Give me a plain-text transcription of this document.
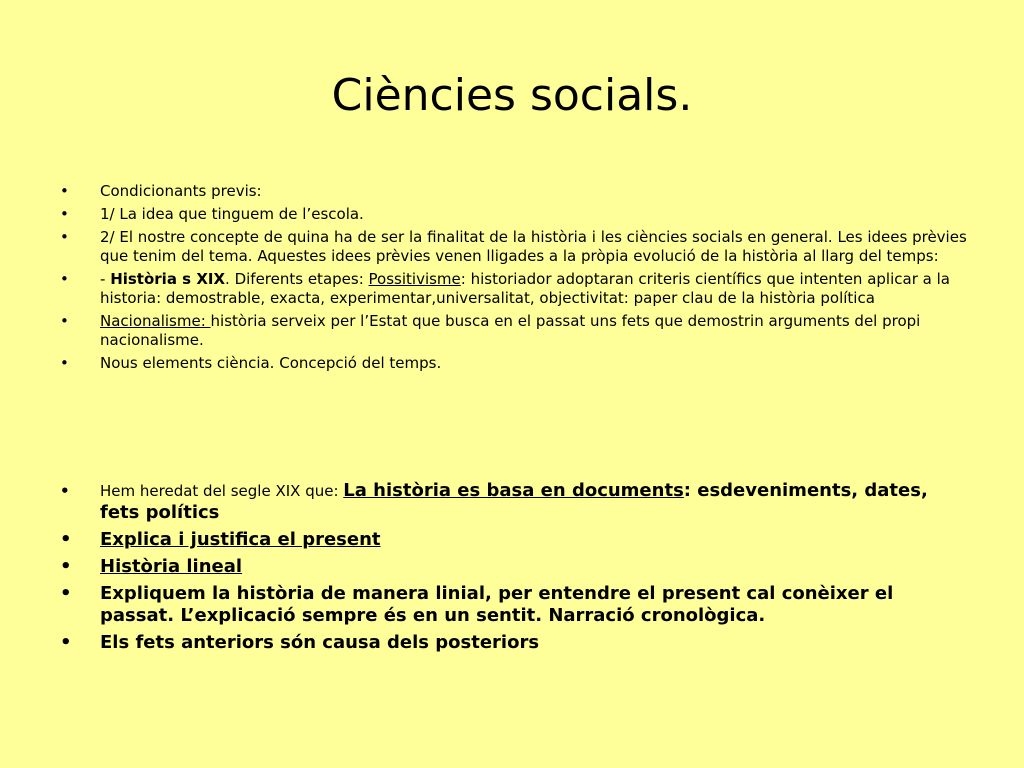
Ciències socials.
• Condicionants previs:
• 1/ La idea que tinguem de l’escola.
• 2/ El nostre concepte de quina ha de ser la finalitat de la història i les ciències socials en general. Les idees prèvies que tenim del tema. Aquestes idees prèvies venen lligades a la pròpia evolució de la història al llarg del temps:
• - Història s XIX. Diferents etapes: Possitivisme: historiador adoptaran criteris científics que intenten aplicar a la historia: demostrable, exacta, experimentar,universalitat, objectivitat: paper clau de la història política
• Nacionalisme: història serveix per l’Estat que busca en el passat uns fets que demostrin arguments del propi nacionalisme.
• Nous elements ciència. Concepció del temps.
• Hem heredat del segle XIX que: La història es basa en documents: esdeveniments, dates, fets polítics
• Explica i justifica el present
• Història lineal
• Expliquem la història de manera linial, per entendre el present cal conèixer el passat. L’explicació sempre és en un sentit. Narració cronològica.
• Els fets anteriors són causa dels posteriors
